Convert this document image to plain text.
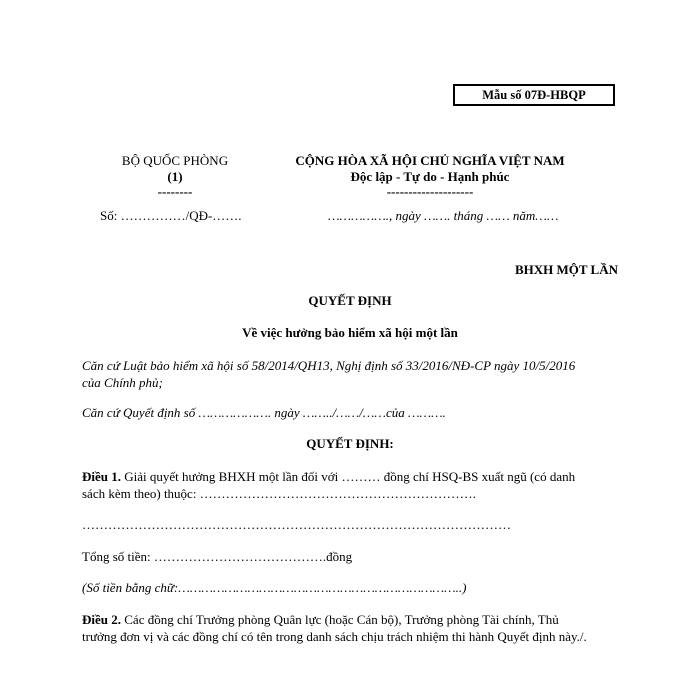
Mẫu số 07Đ-HBQP
BỘ QUỐC PHÒNG
(1)
--------
CỘNG HÒA XÃ HỘI CHỦ NGHĨA VIỆT NAM
Độc lập - Tự do - Hạnh phúc
--------------------
Số: ……………/QĐ-…….	……………., ngày ……. tháng …… năm……
BHXH MỘT LẦN
QUYẾT ĐỊNH
Về việc hưởng bảo hiểm xã hội một lần
Căn cứ Luật bảo hiểm xã hội số 58/2014/QH13, Nghị định số 33/2016/NĐ-CP ngày 10/5/2016
của Chính phủ;
Căn cứ Quyết định số ………………. ngày ……../……/……của ……….
QUYẾT ĐỊNH:
Điều 1. Giải quyết hưởng BHXH một lần đối với ……… đồng chí HSQ-BS xuất ngũ (có danh
sách kèm theo) thuộc: ……………………………………………………….
………………………………………………………………………………………
Tổng số tiền: ………………………………….đồng
(Số tiền bằng chữ:………………………………………………………………..)
Điều 2. Các đồng chí Trưởng phòng Quân lực (hoặc Cán bộ), Trưởng phòng Tài chính, Thủ
trưởng đơn vị và các đồng chí có tên trong danh sách chịu trách nhiệm thi hành Quyết định này./.
